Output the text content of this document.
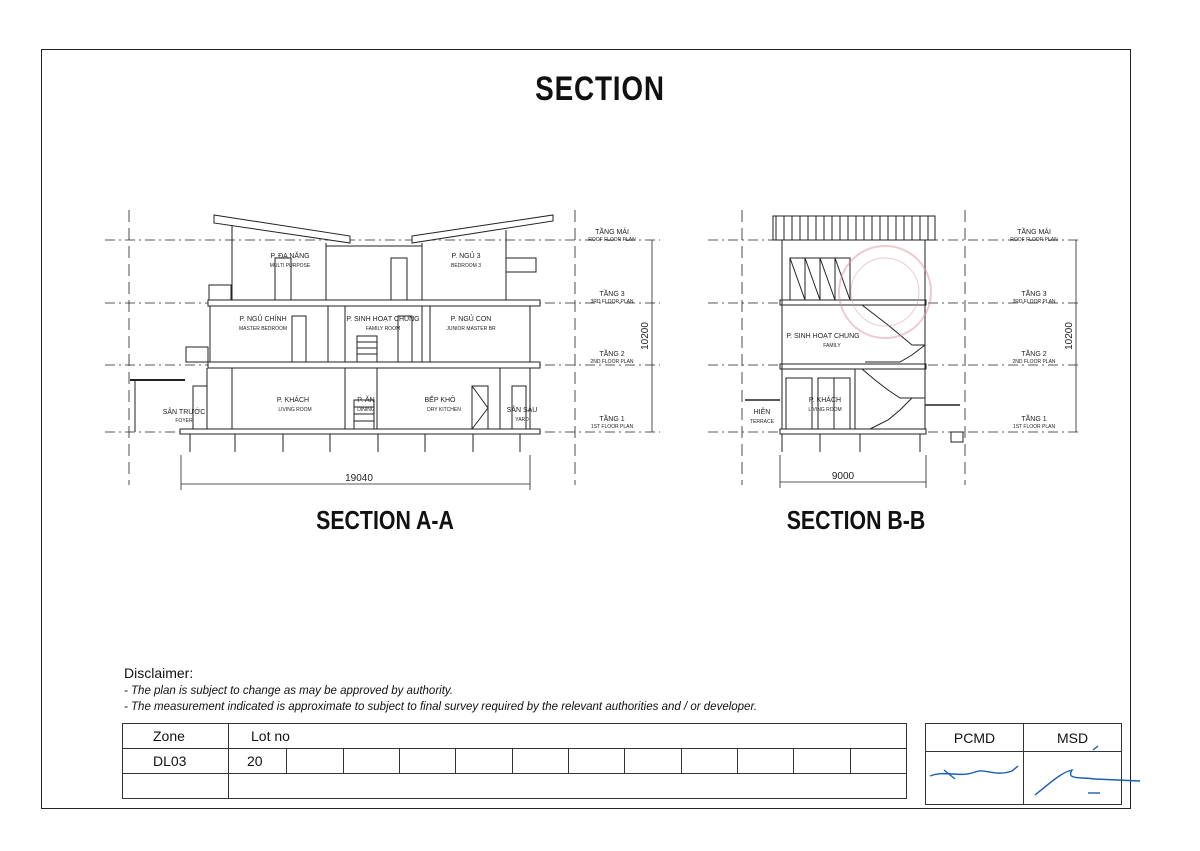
SECTION
P. ĐA NĂNG
MULTI PURPOSE
P. NGỦ 3
BEDROOM 3
P. NGỦ CHÍNH
MASTER BEDROOM
P. SINH HOẠT CHUNG
FAMILY ROOM
P. NGỦ CON
JUNIOR MASTER BR
P. KHÁCH
LIVING ROOM
P. ĂN
DINING
BẾP KHÔ
DRY KITCHEN
SÂN TRƯỚC
FOYER
SÂN SAU
YARD
19040
10200
TẦNG MÁI
ROOF FLOOR PLAN
TẦNG 3
3RD FLOOR PLAN
TẦNG 2
2ND FLOOR PLAN
TẦNG 1
1ST FLOOR PLAN
P. SINH HOẠT CHUNG
FAMILY
P. KHÁCH
LIVING ROOM
HIÊN
TERRACE
9000
10200
TẦNG MÁI
ROOF FLOOR PLAN
TẦNG 3
3RD FLOOR PLAN
TẦNG 2
2ND FLOOR PLAN
TẦNG 1
1ST FLOOR PLAN
SECTION A-A	SECTION B-B
Disclaimer:
- The plan is subject to change as may be approved by authority.
- The measurement indicated is approximate to subject to final survey required by the relevant authorities and / or developer.
Zone	Lot no											
DL03	20											

PCMD	MSD
